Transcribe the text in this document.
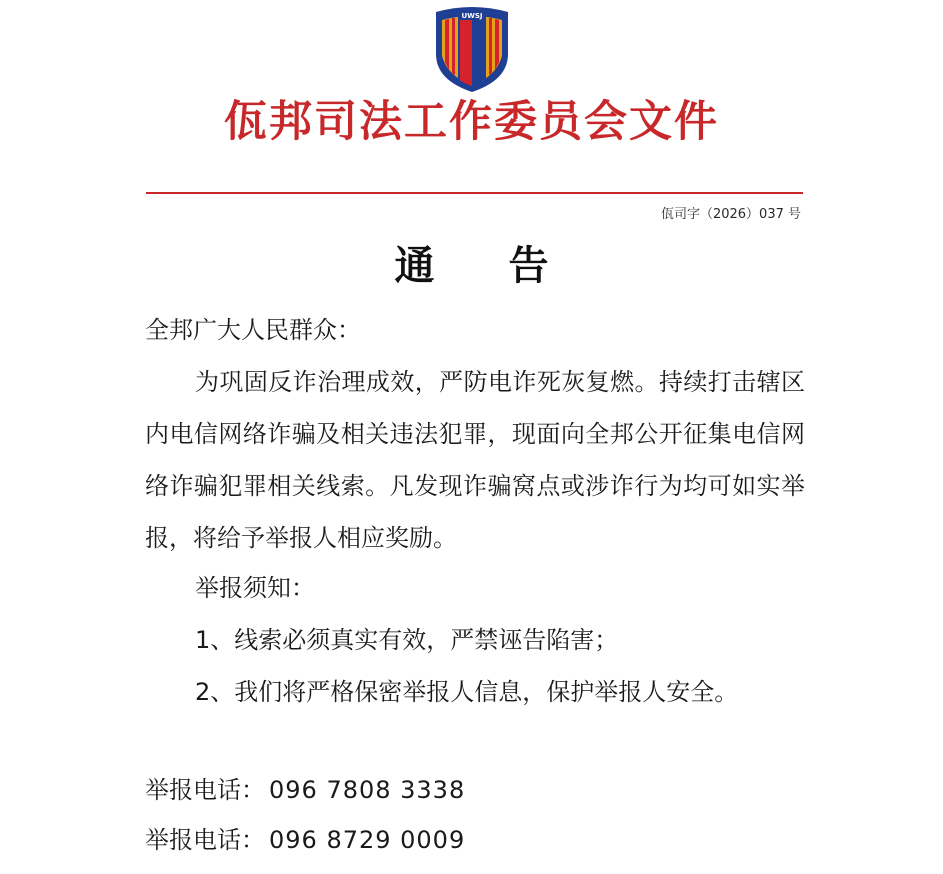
UWSJ
佤邦司法工作委员会文件
佤司字（2026）037 号
通 告
全邦广大人民群众：
为巩固反诈治理成效，严防电诈死灰复燃。持续打击辖区内电信网络诈骗及相关违法犯罪，现面向全邦公开征集电信网络诈骗犯罪相关线索。凡发现诈骗窝点或涉诈行为均可如实举报，将给予举报人相应奖励。
举报须知：
1、线索必须真实有效，严禁诬告陷害；
2、我们将严格保密举报人信息，保护举报人安全。
举报电话： 096 7808 3338
举报电话： 096 8729 0009
